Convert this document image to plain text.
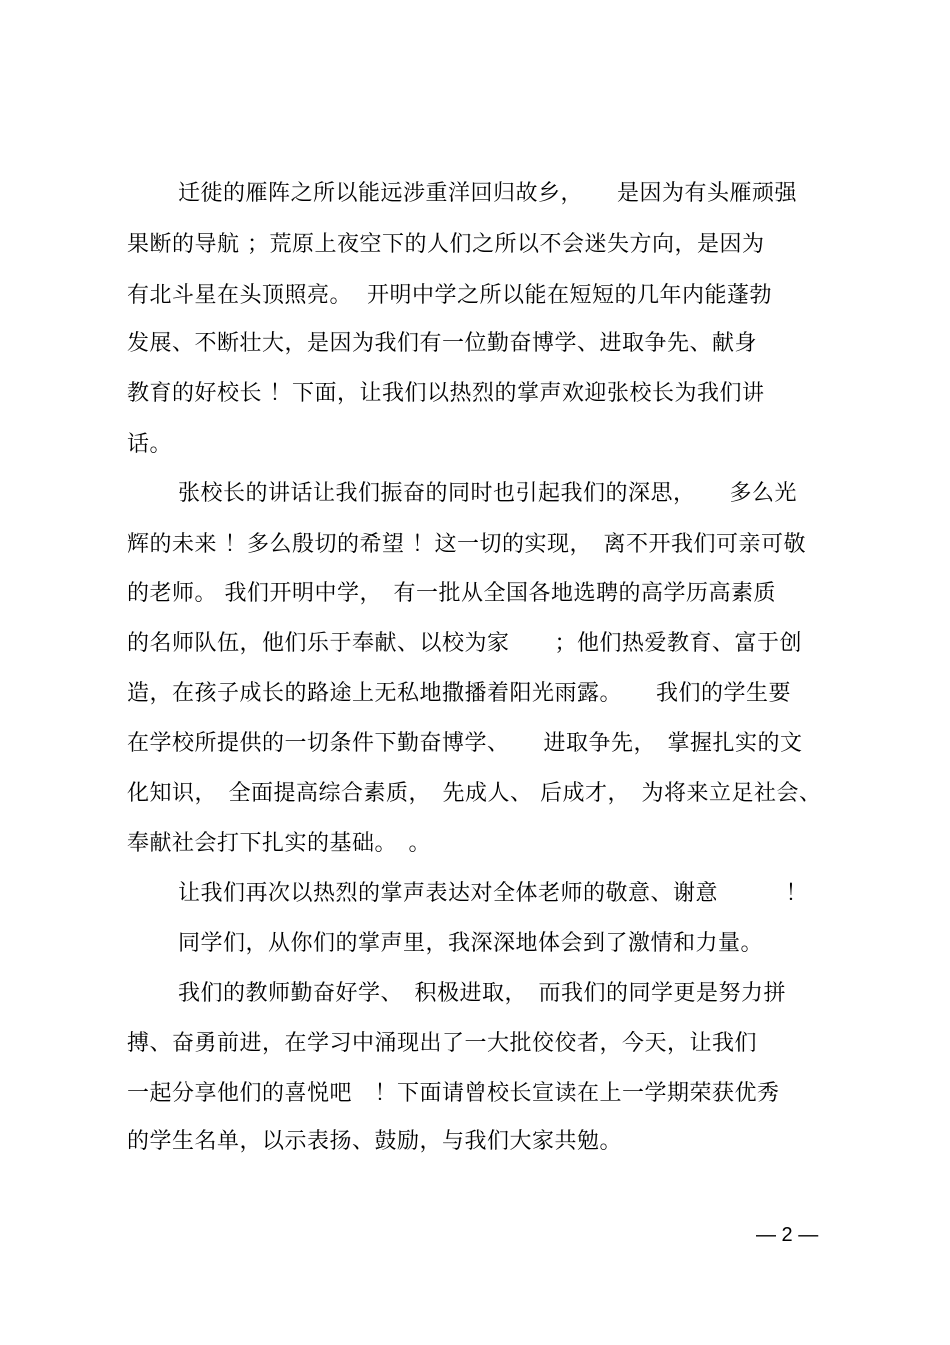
迁徙的雁阵之所以能远涉重洋回归故乡，　　是因为有头雁顽强
果断的导航 ；荒原上夜空下的人们之所以不会迷失方向，是因为
有北斗星在头顶照亮。  开明中学之所以能在短短的几年内能蓬勃
发展、不断壮大，是因为我们有一位勤奋博学、进取争先、献身
教育的好校长 ！下面，让我们以热烈的掌声欢迎张校长为我们讲
话。
张校长的讲话让我们振奋的同时也引起我们的深思，　　多么光
辉的未来 ！多么殷切的希望 ！这一切的实现，　离不开我们可亲可敬
的老师。 我们开明中学，　有一批从全国各地选聘的高学历高素质
的名师队伍，他们乐于奉献、以校为家　　；他们热爱教育、富于创
造，在孩子成长的路途上无私地撒播着阳光雨露。　　我们的学生要
在学校所提供的一切条件下勤奋博学、　　进取争先，　掌握扎实的文
化知识，　全面提高综合素质，　先成人、 后成才，　为将来立足社会、
奉献社会打下扎实的基础。　。
让我们再次以热烈的掌声表达对全体老师的敬意、谢意　　　！
同学们，从你们的掌声里，我深深地体会到了激情和力量。
我们的教师勤奋好学、　积极进取，　而我们的同学更是努力拼
搏、奋勇前进，在学习中涌现出了一大批佼佼者，今天，让我们
一起分享他们的喜悦吧　！下面请曾校长宣读在上一学期荣获优秀
的学生名单，以示表扬、鼓励，与我们大家共勉。
— 2 —
